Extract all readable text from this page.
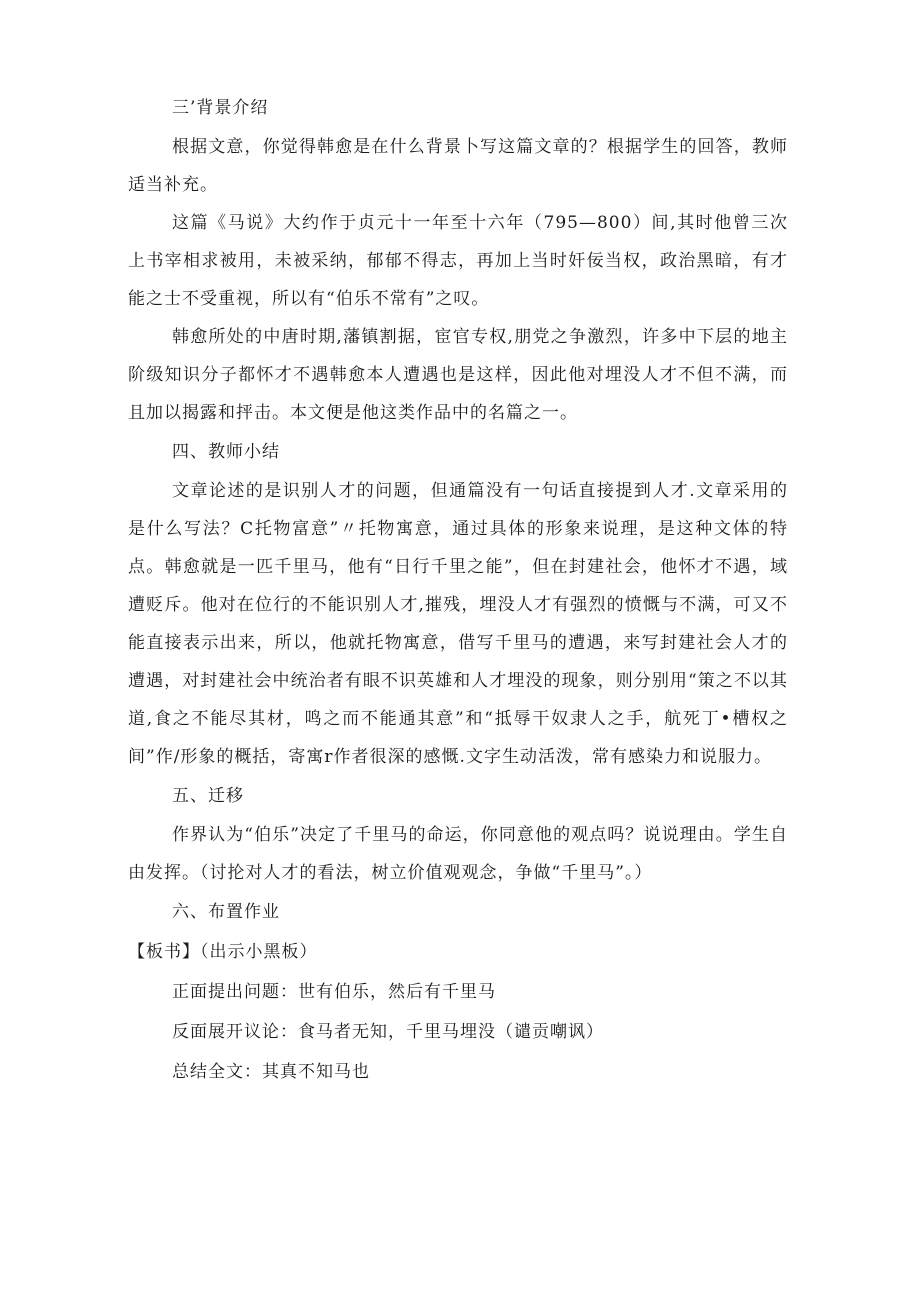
三’背景介绍

根据文意，你觉得韩愈是在什么背景卜写这篇文章的？根据学生的回答，教师适当补充。

这篇《马说》大约作于贞元十一年至十六年（795—800）间,其时他曾三次上书宰相求被用，未被采纳，郁郁不得志，再加上当时奸佞当权，政治黑暗，有才能之士不受重视，所以有“伯乐不常有”之叹。

韩愈所处的中唐时期,藩镇割据，宦官专权,朋党之争激烈，许多中下层的地主阶级知识分子都怀才不遇韩愈本人遭遇也是这样，因此他对埋没人才不但不满，而且加以揭露和抨击。本文便是他这类作品中的名篇之一。

四、教师小结

文章论述的是识别人才的问题，但通篇没有一句话直接提到人才.文章采用的是什么写法？C托物富意”〃托物寓意，通过具体的形象来说理，是这种文体的特点。韩愈就是一匹千里马，他有“日行千里之能”，但在封建社会，他怀才不遇，域遭贬斥。他对在位行的不能识别人才,摧残，埋没人才有强烈的愤慨与不满，可又不能直接表示出来，所以，他就托物寓意，借写千里马的遭遇，来写封建社会人才的遭遇，对封建社会中统治者有眼不识英雄和人才埋没的现象，则分别用“策之不以其道,食之不能尽其材，鸣之而不能通其意”和“抵辱干奴隶人之手，航死丁•槽权之间”作/形象的概括，寄寓r作者很深的感慨.文字生动活泼，常有感染力和说服力。

五、迁移

作界认为“伯乐”决定了千里马的命运，你同意他的观点吗？说说理由。学生自由发挥。（讨抡对人才的看法，树立价值观观念，争做“千里马”。）

六、布置作业

【板书】（出示小黑板）

正面提出问题：世有伯乐，然后有千里马

反面展开议论：食马者无知，千里马埋没（谴贡嘲讽）

总结全文：其真不知马也
